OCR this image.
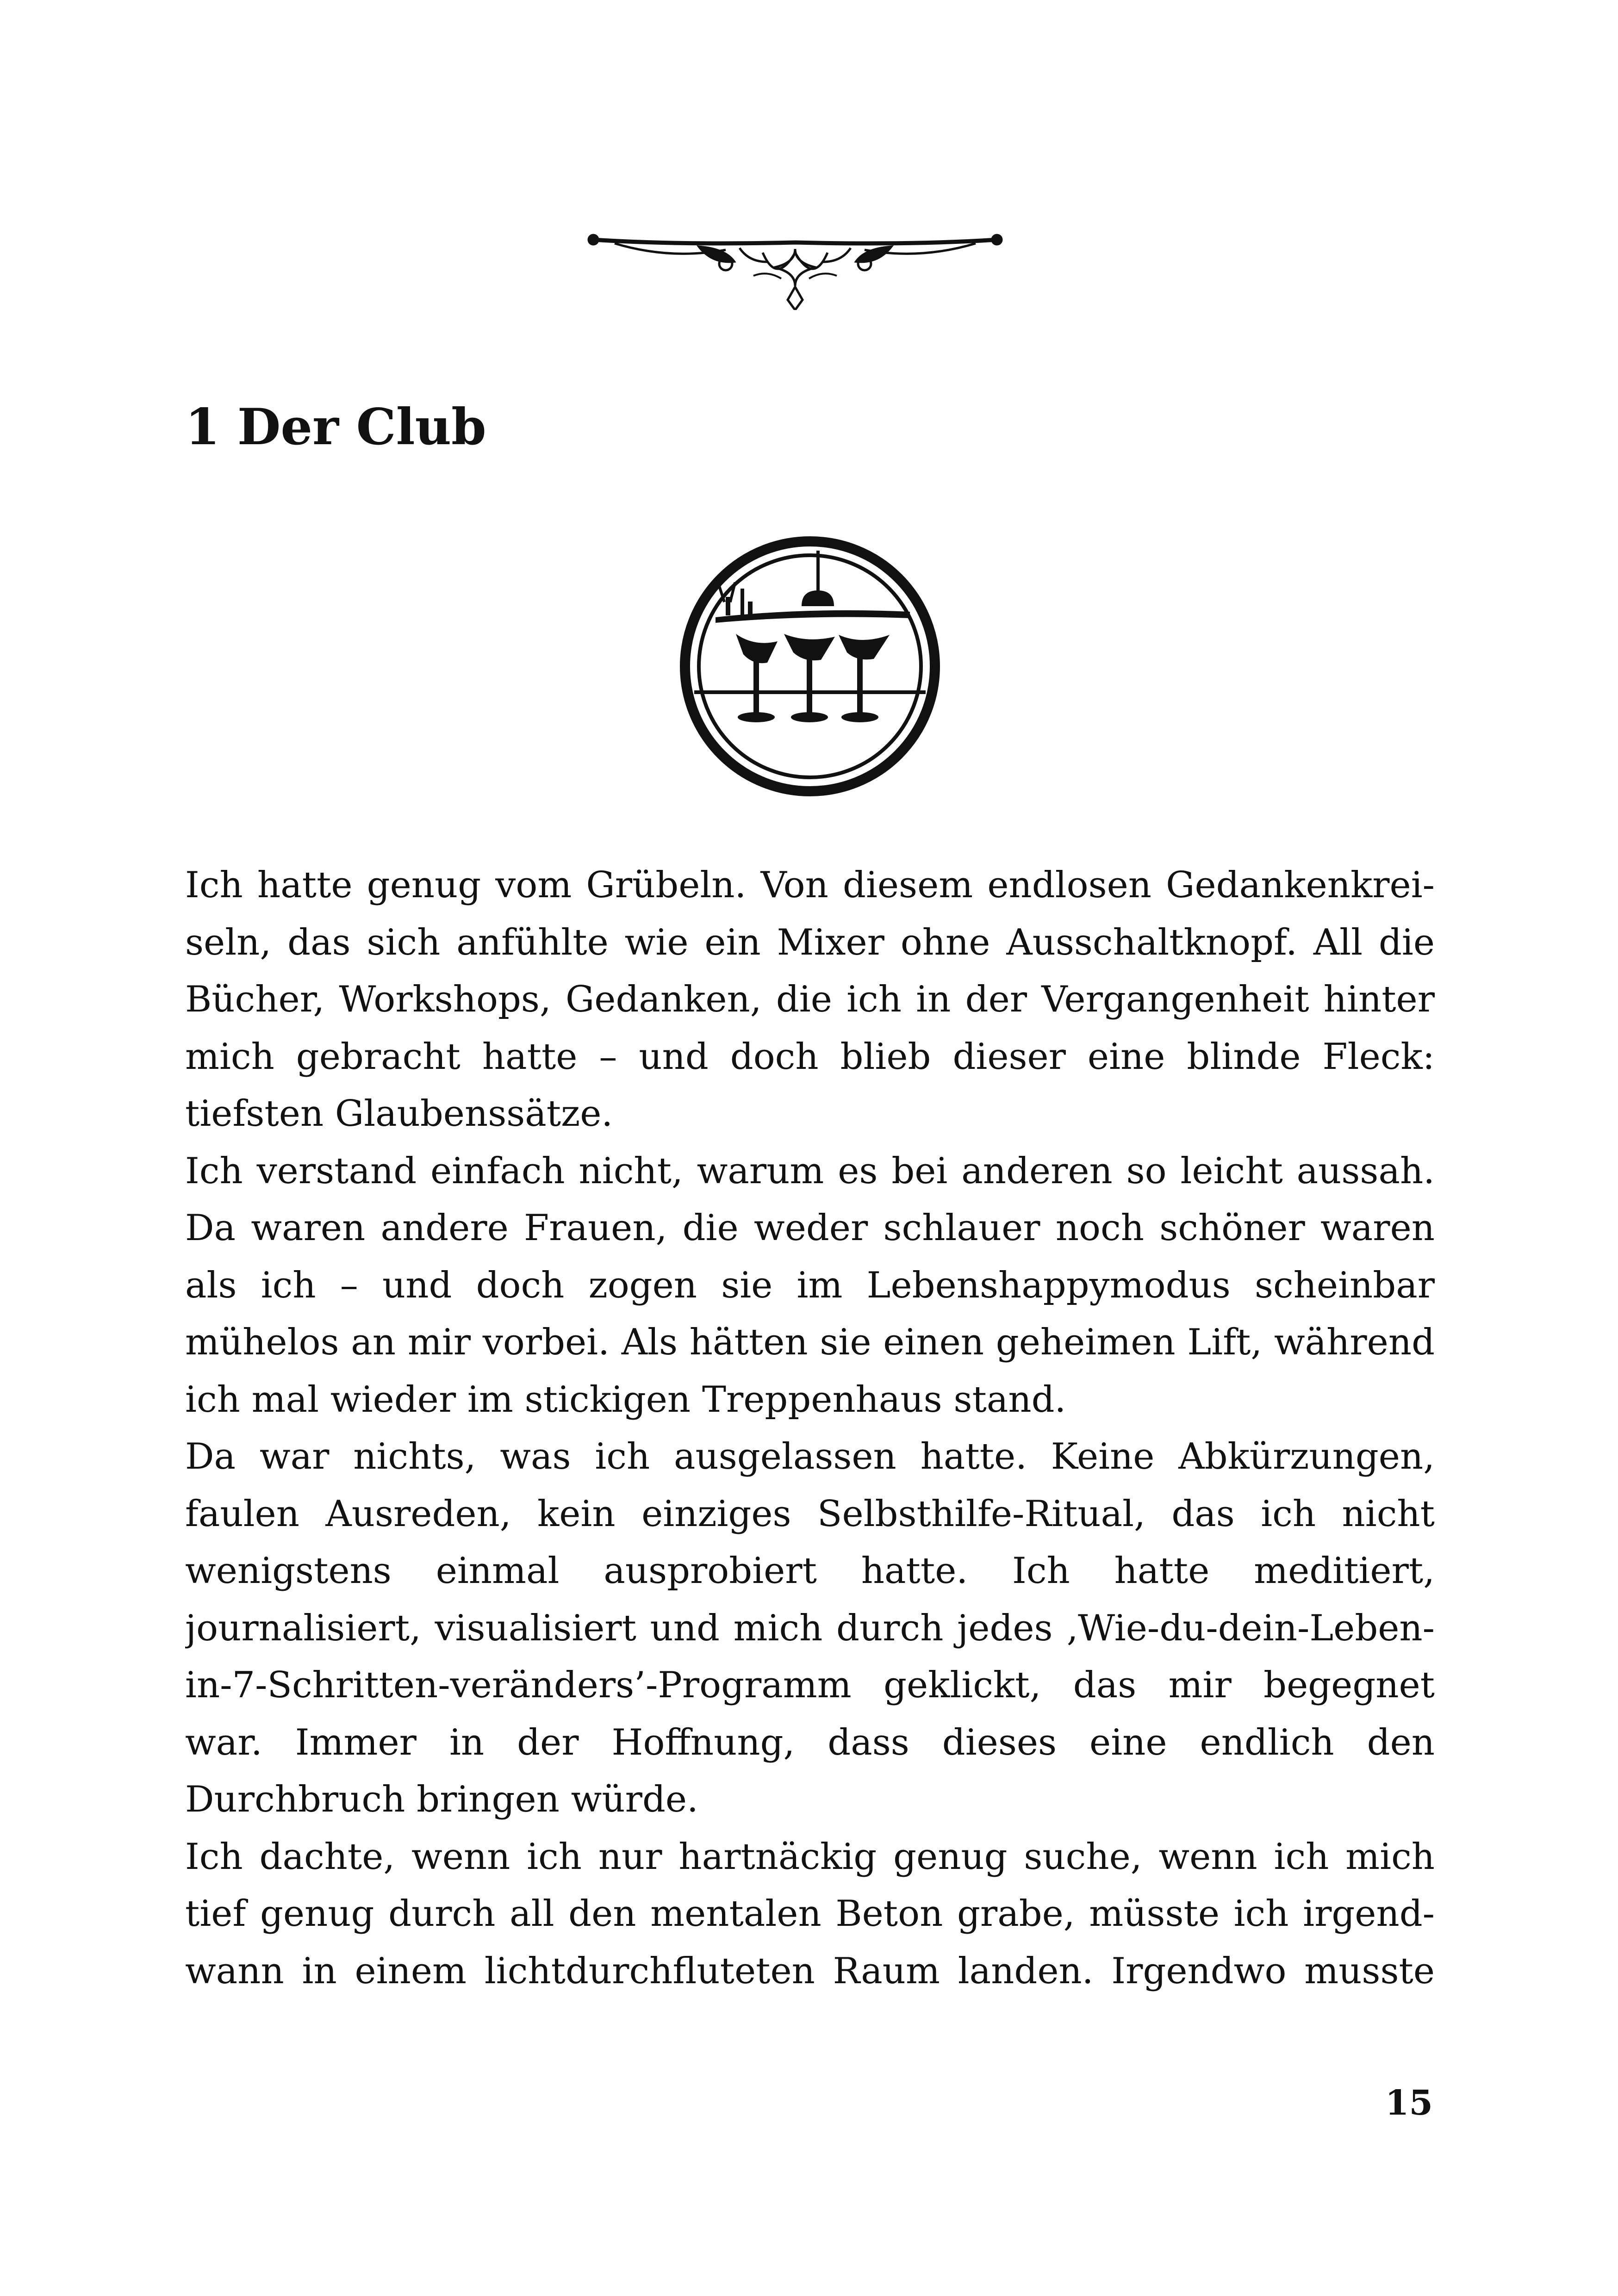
1 Der Club
Ich hatte genug vom Grübeln. Von diesem endlosen Gedankenkrei-
seln, das sich anfühlte wie ein Mixer ohne Ausschaltknopf. All die
Bücher, Workshops, Gedanken, die ich in der Vergangenheit hinter
mich gebracht hatte – und doch blieb dieser eine blinde Fleck:
tiefsten Glaubenssätze.
Ich verstand einfach nicht, warum es bei anderen so leicht aussah.
Da waren andere Frauen, die weder schlauer noch schöner waren
als ich – und doch zogen sie im Lebenshappymodus scheinbar
mühelos an mir vorbei. Als hätten sie einen geheimen Lift, während
ich mal wieder im stickigen Treppenhaus stand.
Da war nichts, was ich ausgelassen hatte. Keine Abkürzungen,
faulen Ausreden, kein einziges Selbsthilfe-Ritual, das ich nicht
wenigstens einmal ausprobiert hatte. Ich hatte meditiert,
journalisiert, visualisiert und mich durch jedes ‚Wie-du-dein-Leben-
in-7-Schritten-veränders’-Programm geklickt, das mir begegnet
war. Immer in der Hoffnung, dass dieses eine endlich den
Durchbruch bringen würde.
Ich dachte, wenn ich nur hartnäckig genug suche, wenn ich mich
tief genug durch all den mentalen Beton grabe, müsste ich irgend-
wann in einem lichtdurchfluteten Raum landen. Irgendwo musste
15
